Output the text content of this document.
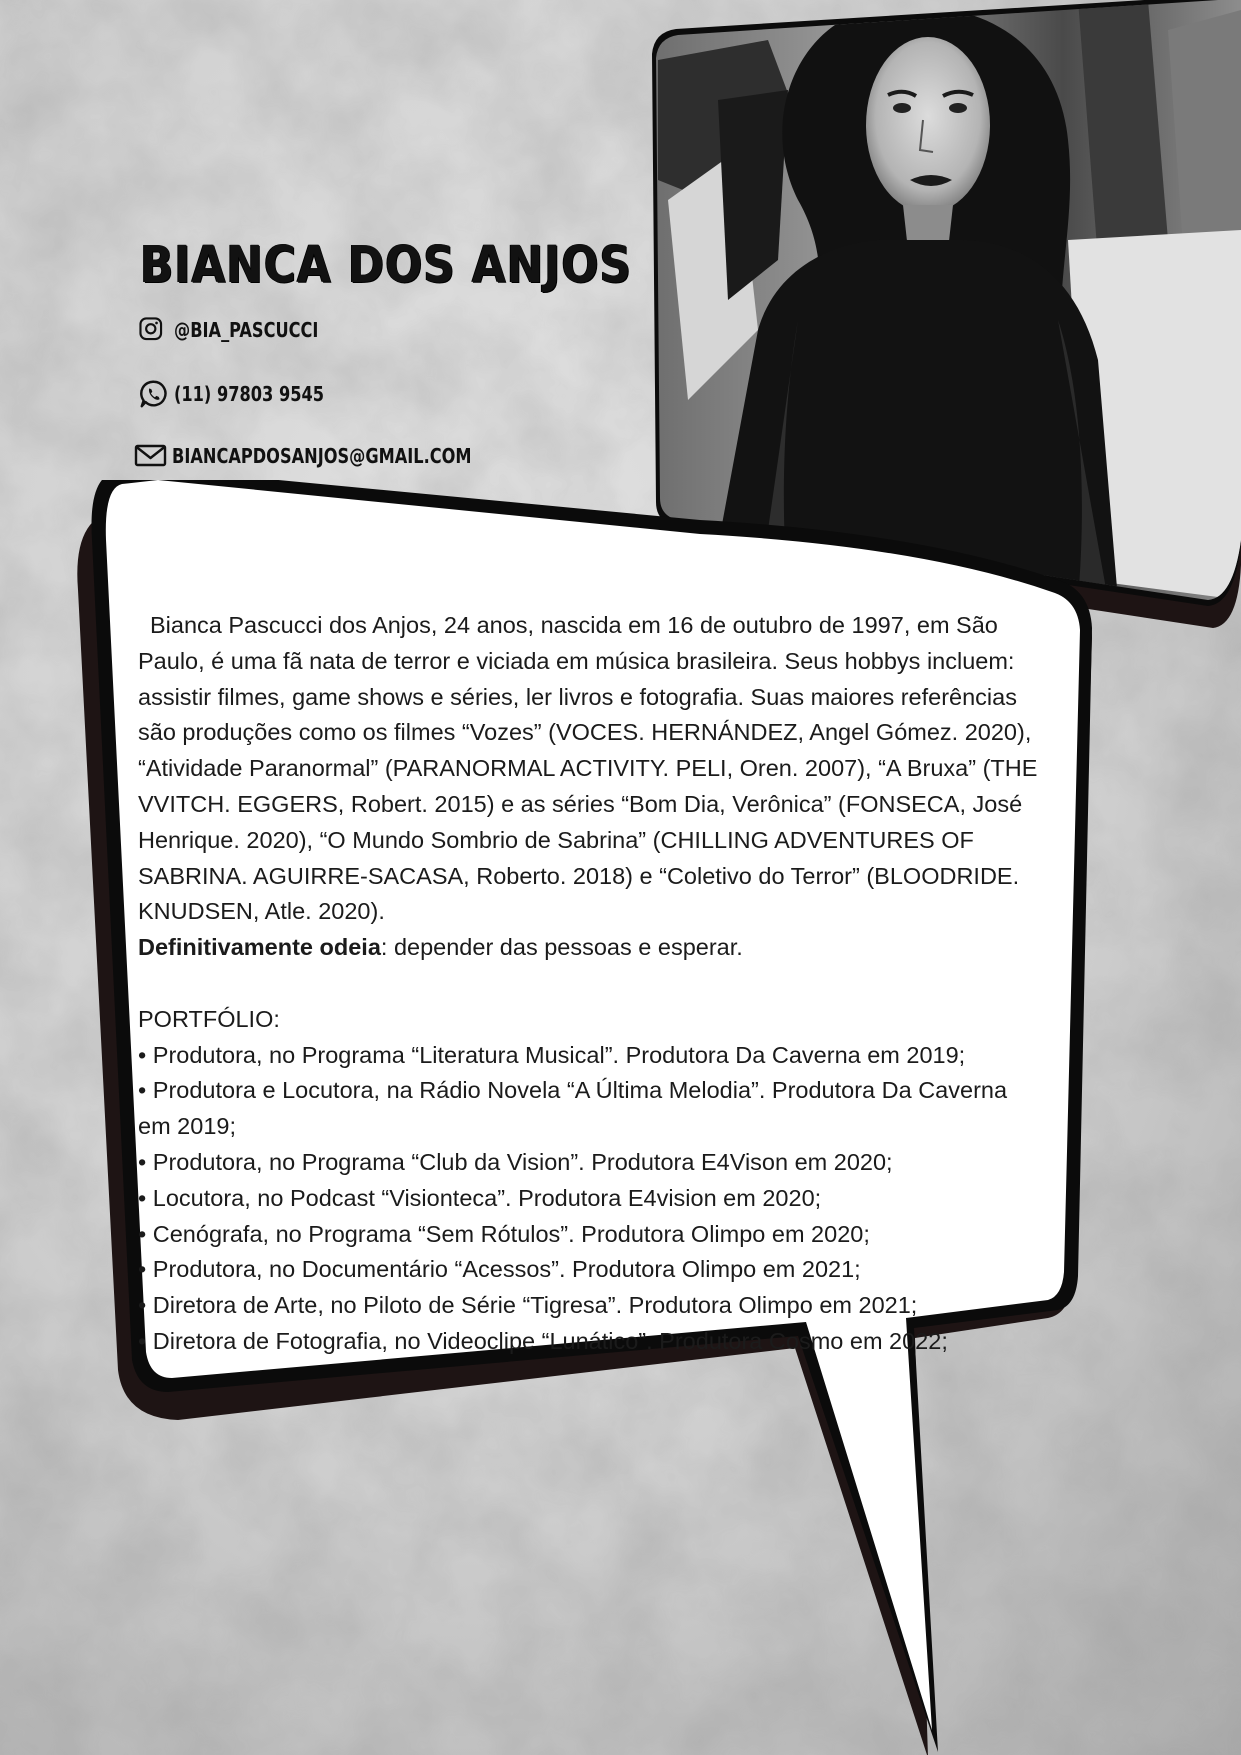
BIANCA DOS ANJOS
@BIA_PASCUCCI
(11) 97803 9545
BIANCAPDOSANJOS@GMAIL.COM

Bianca Pascucci dos Anjos, 24 anos, nascida em 16 de outubro de 1997, em São Paulo, é uma fã nata de terror e viciada em música brasileira. Seus hobbys incluem: assistir filmes, game shows e séries, ler livros e fotografia. Suas maiores referências são produções como os filmes “Vozes” (VOCES. HERNÁNDEZ, Angel Gómez. 2020), “Atividade Paranormal” (PARANORMAL ACTIVITY. PELI, Oren. 2007), “A Bruxa” (THE VVITCH. EGGERS, Robert. 2015) e as séries “Bom Dia, Verônica” (FONSECA, José Henrique. 2020), “O Mundo Sombrio de Sabrina” (CHILLING ADVENTURES OF SABRINA. AGUIRRE-SACASA, Roberto. 2018) e “Coletivo do Terror” (BLOODRIDE. KNUDSEN, Atle. 2020).
Definitivamente odeia: depender das pessoas e esperar.

PORTFÓLIO:

• Produtora, no Programa “Literatura Musical”. Produtora Da Caverna em 2019;
• Produtora e Locutora, na Rádio Novela “A Última Melodia”. Produtora Da Caverna em 2019;
• Produtora, no Programa “Club da Vision”. Produtora E4Vison em 2020;
• Locutora, no Podcast “Visionteca”. Produtora E4vision em 2020;
• Cenógrafa, no Programa “Sem Rótulos”. Produtora Olimpo em 2020;
• Produtora, no Documentário “Acessos”. Produtora Olimpo em 2021;
• Diretora de Arte, no Piloto de Série “Tigresa”. Produtora Olimpo em 2021;
• Diretora de Fotografia, no Videoclipe “Lunático”. Produtora Cosmo em 2022;
